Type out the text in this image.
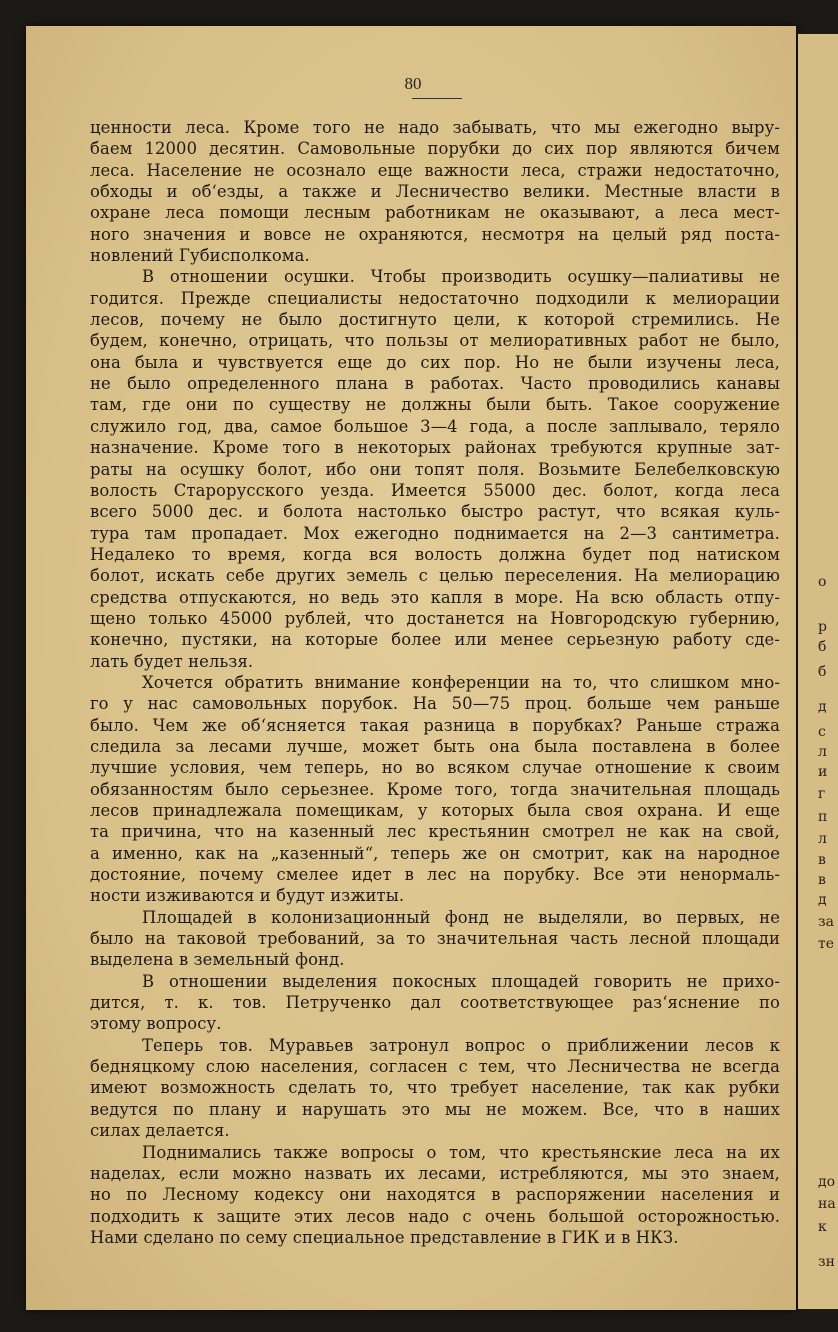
о
р
б
б
д
с
л
и
г
п
л
в
в
д
за
те
до
на
к
зн
80
ценности леса. Кроме того не надо забывать, что мы ежегодно выру-
баем 12000 десятин. Самовольные порубки до сих пор являются бичем
леса. Население не осознало еще важности леса, стражи недостаточно,
обходы и об‘езды, а также и Лесничество велики. Местные власти в
охране леса помощи лесным работникам не оказывают, а леса мест-
ного значения и вовсе не охраняются, несмотря на целый ряд поста-
новлений Губисполкома.
В отношении осушки. Чтобы производить осушку—палиативы не
годится. Прежде специалисты недостаточно подходили к мелиорации
лесов, почему не было достигнуто цели, к которой стремились. Не
будем, конечно, отрицать, что пользы от мелиоративных работ не было,
она была и чувствуется еще до сих пор. Но не были изучены леса,
не было определенного плана в работах. Часто проводились канавы
там, где они по существу не должны были быть. Такое сооружение
служило год, два, самое большое 3—4 года, а после заплывало, теряло
назначение. Кроме того в некоторых районах требуются крупные зат-
раты на осушку болот, ибо они топят поля. Возьмите Белебелковскую
волость Старорусского уезда. Имеется 55000 дес. болот, когда леса
всего 5000 дес. и болота настолько быстро растут, что всякая куль-
тура там пропадает. Мох ежегодно поднимается на 2—3 сантиметра.
Недалеко то время, когда вся волость должна будет под натиском
болот, искать себе других земель с целью переселения. На мелиорацию
средства отпускаются, но ведь это капля в море. На всю область отпу-
щено только 45000 рублей, что достанется на Новгородскую губернию,
конечно, пустяки, на которые более или менее серьезную работу сде-
лать будет нельзя.
Хочется обратить внимание конференции на то, что слишком мно-
го у нас самовольных порубок. На 50—75 проц. больше чем раньше
было. Чем же об‘ясняется такая разница в порубках? Раньше стража
следила за лесами лучше, может быть она была поставлена в более
лучшие условия, чем теперь, но во всяком случае отношение к своим
обязанностям было серьезнее. Кроме того, тогда значительная площадь
лесов принадлежала помещикам, у которых была своя охрана. И еще
та причина, что на казенный лес крестьянин смотрел не как на свой,
а именно, как на „казенный“, теперь же он смотрит, как на народное
достояние, почему смелее идет в лес на порубку. Все эти ненормаль-
ности изживаются и будут изжиты.
Площадей в колонизационный фонд не выделяли, во первых, не
было на таковой требований, за то значительная часть лесной площади
выделена в земельный фонд.
В отношении выделения покосных площадей говорить не прихо-
дится, т. к. тов. Петрученко дал соответствующее раз‘яснение по
этому вопросу.
Теперь тов. Муравьев затронул вопрос о приближении лесов к
бедняцкому слою населения, согласен с тем, что Лесничества не всегда
имеют возможность сделать то, что требует население, так как рубки
ведутся по плану и нарушать это мы не можем. Все, что в наших
силах делается.
Поднимались также вопросы о том, что крестьянские леса на их
наделах, если можно назвать их лесами, истребляются, мы это знаем,
но по Лесному кодексу они находятся в распоряжении населения и
подходить к защите этих лесов надо с очень большой осторожностью.
Нами сделано по сему специальное представление в ГИК и в НКЗ.
